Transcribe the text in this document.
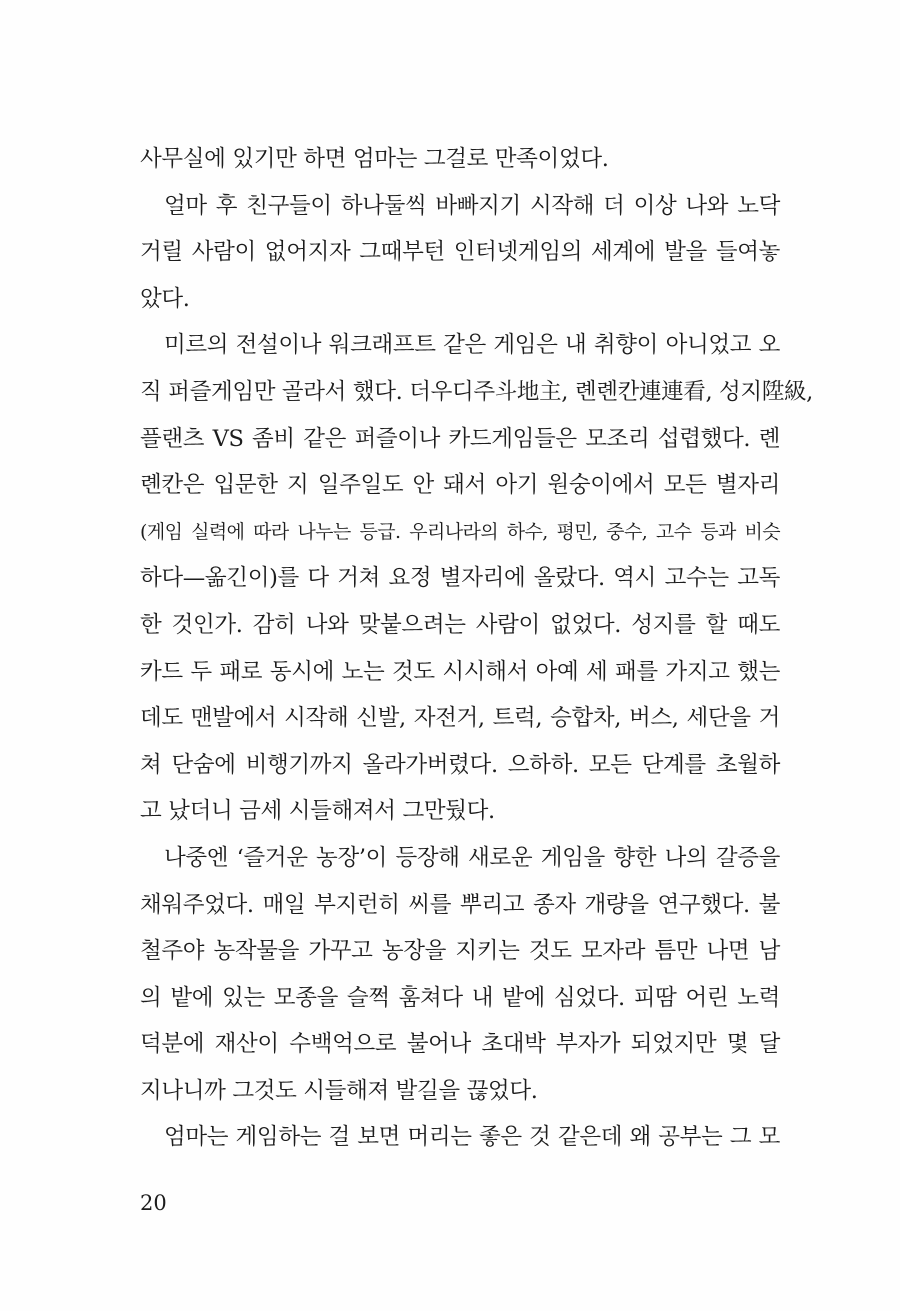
사무실에 있기만 하면 엄마는 그걸로 만족이었다.
얼마 후 친구들이 하나둘씩 바빠지기 시작해 더 이상 나와 노닥
거릴 사람이 없어지자 그때부턴 인터넷게임의 세계에 발을 들여놓
았다.
미르의 전설이나 워크래프트 같은 게임은 내 취향이 아니었고 오
직 퍼즐게임만 골라서 했다. 더우디주斗地主, 롄롄칸連連看, 성지陞級,
플랜츠 VS 좀비 같은 퍼즐이나 카드게임들은 모조리 섭렵했다. 롄
롄칸은 입문한 지 일주일도 안 돼서 아기 원숭이에서 모든 별자리
(게임 실력에 따라 나누는 등급. 우리나라의 하수, 평민, 중수, 고수 등과 비슷
하다—옮긴이)를 다 거쳐 요정 별자리에 올랐다. 역시 고수는 고독
한 것인가. 감히 나와 맞붙으려는 사람이 없었다. 성지를 할 때도
카드 두 패로 동시에 노는 것도 시시해서 아예 세 패를 가지고 했는
데도 맨발에서 시작해 신발, 자전거, 트럭, 승합차, 버스, 세단을 거
쳐 단숨에 비행기까지 올라가버렸다. 으하하. 모든 단계를 초월하
고 났더니 금세 시들해져서 그만뒀다.
나중엔 ‘즐거운 농장’이 등장해 새로운 게임을 향한 나의 갈증을
채워주었다. 매일 부지런히 씨를 뿌리고 종자 개량을 연구했다. 불
철주야 농작물을 가꾸고 농장을 지키는 것도 모자라 틈만 나면 남
의 밭에 있는 모종을 슬쩍 훔쳐다 내 밭에 심었다. 피땀 어린 노력
덕분에 재산이 수백억으로 불어나 초대박 부자가 되었지만 몇 달
지나니까 그것도 시들해져 발길을 끊었다.
엄마는 게임하는 걸 보면 머리는 좋은 것 같은데 왜 공부는 그 모
20
